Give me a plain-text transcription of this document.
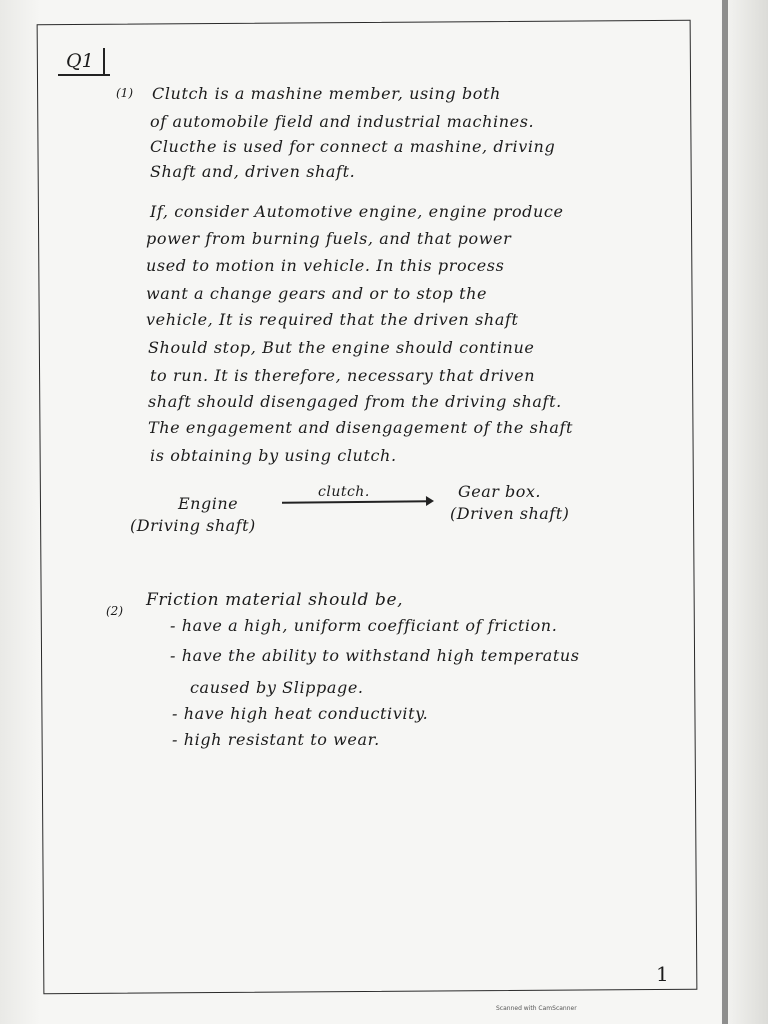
Q1
(1) Clutch is a mashine member, using both
of automobile field and industrial machines.
Clucthe is used for connect a mashine, driving
Shaft and, driven shaft.
If, consider Automotive engine, engine produce
power from burning fuels, and that power
used to motion in vehicle. In this process
want a change gears and or to stop the
vehicle, It is required that the driven shaft
Should stop, But the engine should continue
to run. It is therefore, necessary that driven
shaft should disengaged from the driving shaft.
The engagement and disengagement of the shaft
is obtaining by using clutch.
Engine
(Driving shaft)
clutch.	Gear box.
(Driven shaft)
(2)
Friction material should be,
- have a high, uniform coefficiant of friction.
- have the ability to withstand high temperatus
caused by Slippage.
- have high heat conductivity.
- high resistant to wear.
1
Scanned with CamScanner
